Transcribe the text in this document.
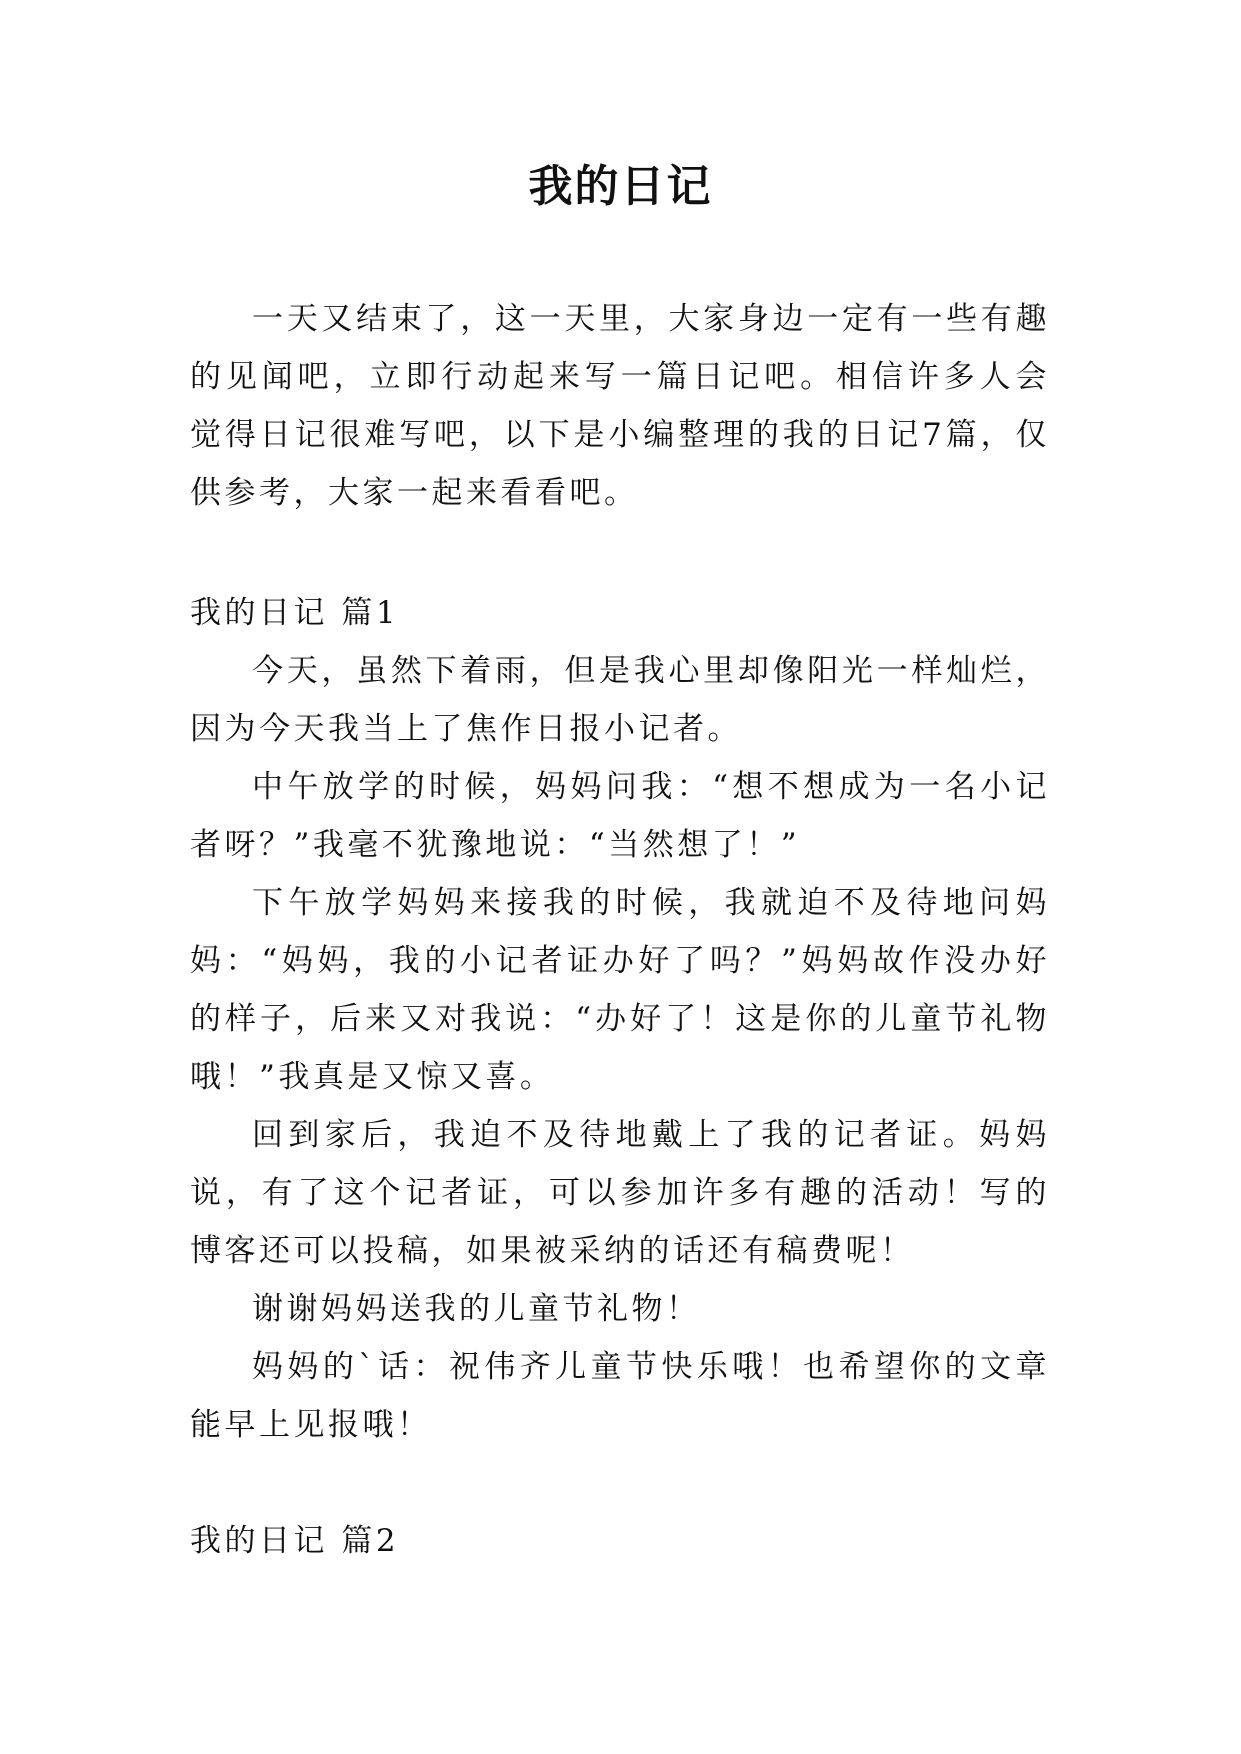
我的日记

一天又结束了，这一天里，大家身边一定有一些有趣的见闻吧，立即行动起来写一篇日记吧。相信许多人会觉得日记很难写吧，以下是小编整理的我的日记7篇，仅供参考，大家一起来看看吧。

我的日记 篇1

今天，虽然下着雨，但是我心里却像阳光一样灿烂，因为今天我当上了焦作日报小记者。

中午放学的时候，妈妈问我：“想不想成为一名小记者呀？”我毫不犹豫地说：“当然想了！”

下午放学妈妈来接我的时候，我就迫不及待地问妈妈：“妈妈，我的小记者证办好了吗？”妈妈故作没办好的样子，后来又对我说：“办好了！这是你的儿童节礼物哦！”我真是又惊又喜。

回到家后，我迫不及待地戴上了我的记者证。妈妈说，有了这个记者证，可以参加许多有趣的活动！写的博客还可以投稿，如果被采纳的话还有稿费呢！

谢谢妈妈送我的儿童节礼物！

妈妈的`话：祝伟齐儿童节快乐哦！也希望你的文章能早上见报哦！

我的日记 篇2
